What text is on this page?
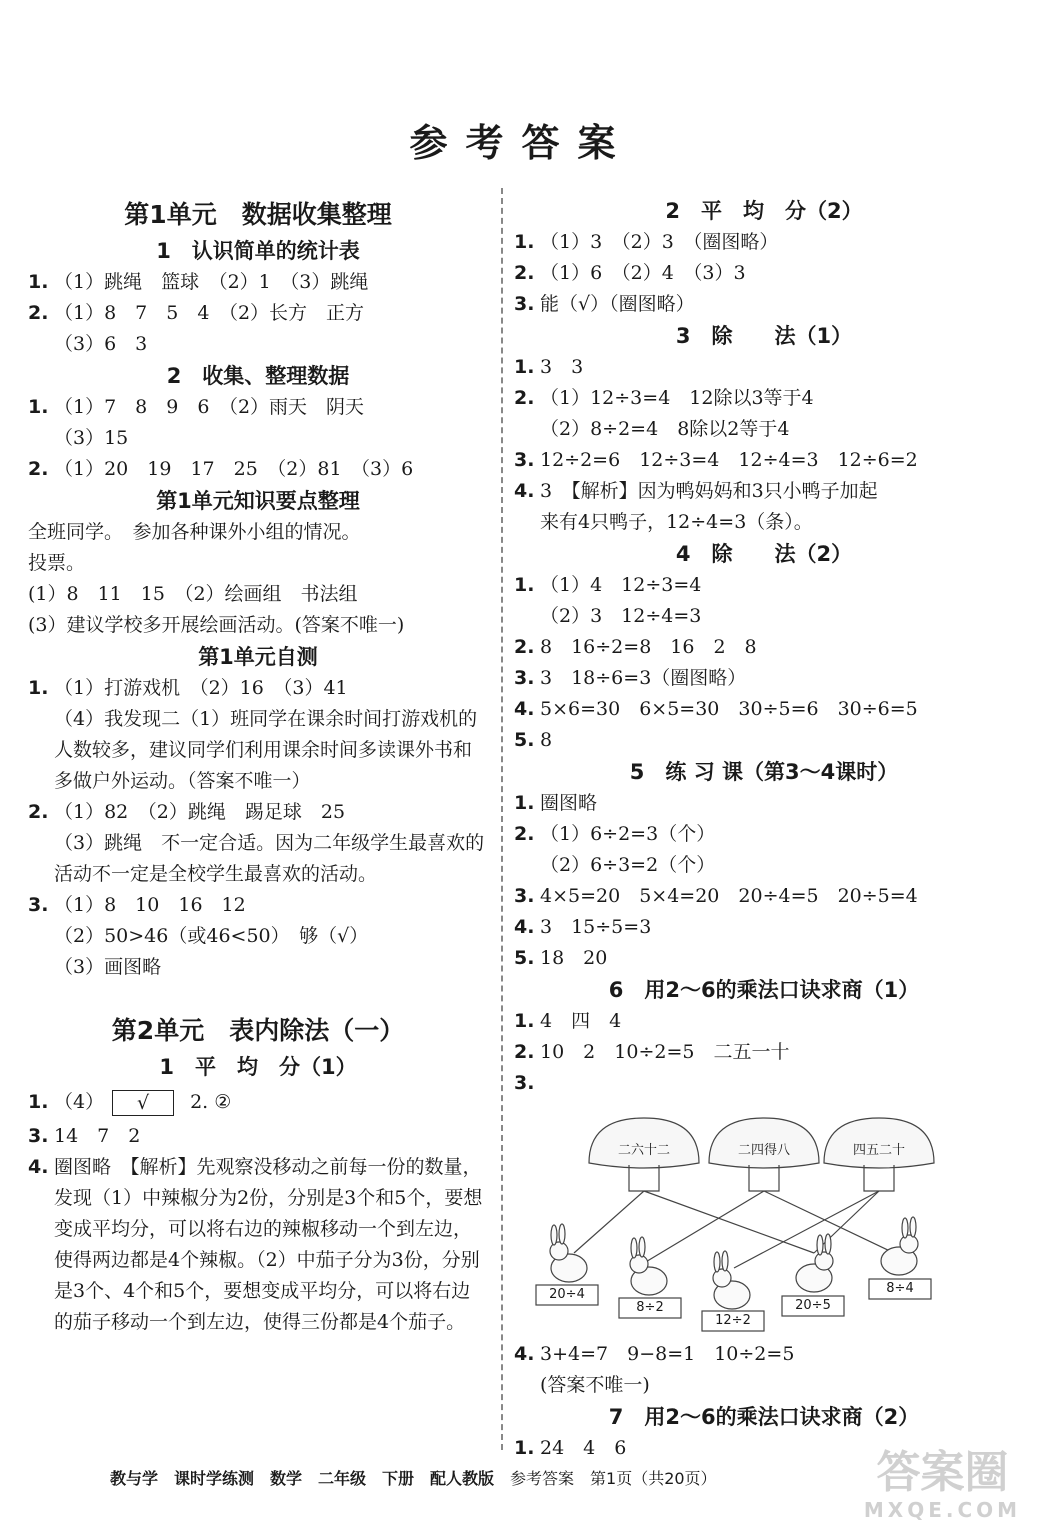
参考答案
第1单元　数据收集整理
1　认识简单的统计表
1. （1）跳绳　篮球　（2）1　（3）跳绳
2. （1）8　7　5　4　（2）长方　正方
（3）6　3
2　收集、整理数据
1. （1）7　8　9　6　（2）雨天　阴天
（3）15
2. （1）20　19　17　25　（2）81　（3）6
第1单元知识要点整理
全班同学。　参加各种课外小组的情况。
投票。
(1）8　11　15　（2）绘画组　书法组
(3）建议学校多开展绘画活动。(答案不唯一)
第1单元自测
1. （1）打游戏机　（2）16　（3）41
（4）我发现二（1）班同学在课余时间打游戏机的人数较多，建议同学们利用课余时间多读课外书和多做户外运动。（答案不唯一）
2. （1）82　（2）跳绳　踢足球　25
（3）跳绳　不一定合适。因为二年级学生最喜欢的活动不一定是全校学生最喜欢的活动。
3. （1）8　10　16　12
（2）50>46（或46<50）　够（√）
（3）画图略
第2单元　表内除法（一）
1　平　均　分（1）
1. （4） √ 2. ②
3. 14　7　2
4. 圈图略　【解析】先观察没移动之前每一份的数量，发现（1）中辣椒分为2份，分别是3个和5个，要想变成平均分，可以将右边的辣椒移动一个到左边，使得两边都是4个辣椒。（2）中茄子分为3份，分别是3个、4个和5个，要想变成平均分，可以将右边的茄子移动一个到左边，使得三份都是4个茄子。
2　平　均　分（2）
1. （1）3　（2）3　（圈图略）
2. （1）6　（2）4　（3）3
3. 能（√）（圈图略）
3　除　　法（1）
1. 3　3
2. （1）12÷3=4　12除以3等于4
（2）8÷2=4　8除以2等于4
3. 12÷2=6　12÷3=4　12÷4=3　12÷6=2
4. 3　【解析】因为鸭妈妈和3只小鸭子加起
来有4只鸭子，12÷4=3（条）。
4　除　　法（2）
1. （1）4　12÷3=4
（2）3　12÷4=3
2. 8　16÷2=8　16　2　8
3. 3　18÷6=3（圈图略）
4. 5×6=30　6×5=30　30÷5=6　30÷6=5
5. 8
5　练 习 课（第3～4课时）
1. 圈图略
2. （1）6÷2=3（个）
（2）6÷3=2（个）
3. 4×5=20　5×4=20　20÷4=5　20÷5=4
4. 3　15÷5=3
5. 18　20
6　用2～6的乘法口诀求商（1）
1. 4　四　4
2. 10　2　10÷2=5　二五一十
3.
二六十二	二四得八	四五二十
20÷4
8÷2
12÷2
20÷5
8÷4
4. 3+4=7　9−8=1　10÷2=5
(答案不唯一)
7　用2～6的乘法口诀求商（2）
1. 24　4　6
教与学　课时学练测　数学　二年级　下册　配人教版　参考答案　第1页（共20页）	答案圈
MXQE.COM
